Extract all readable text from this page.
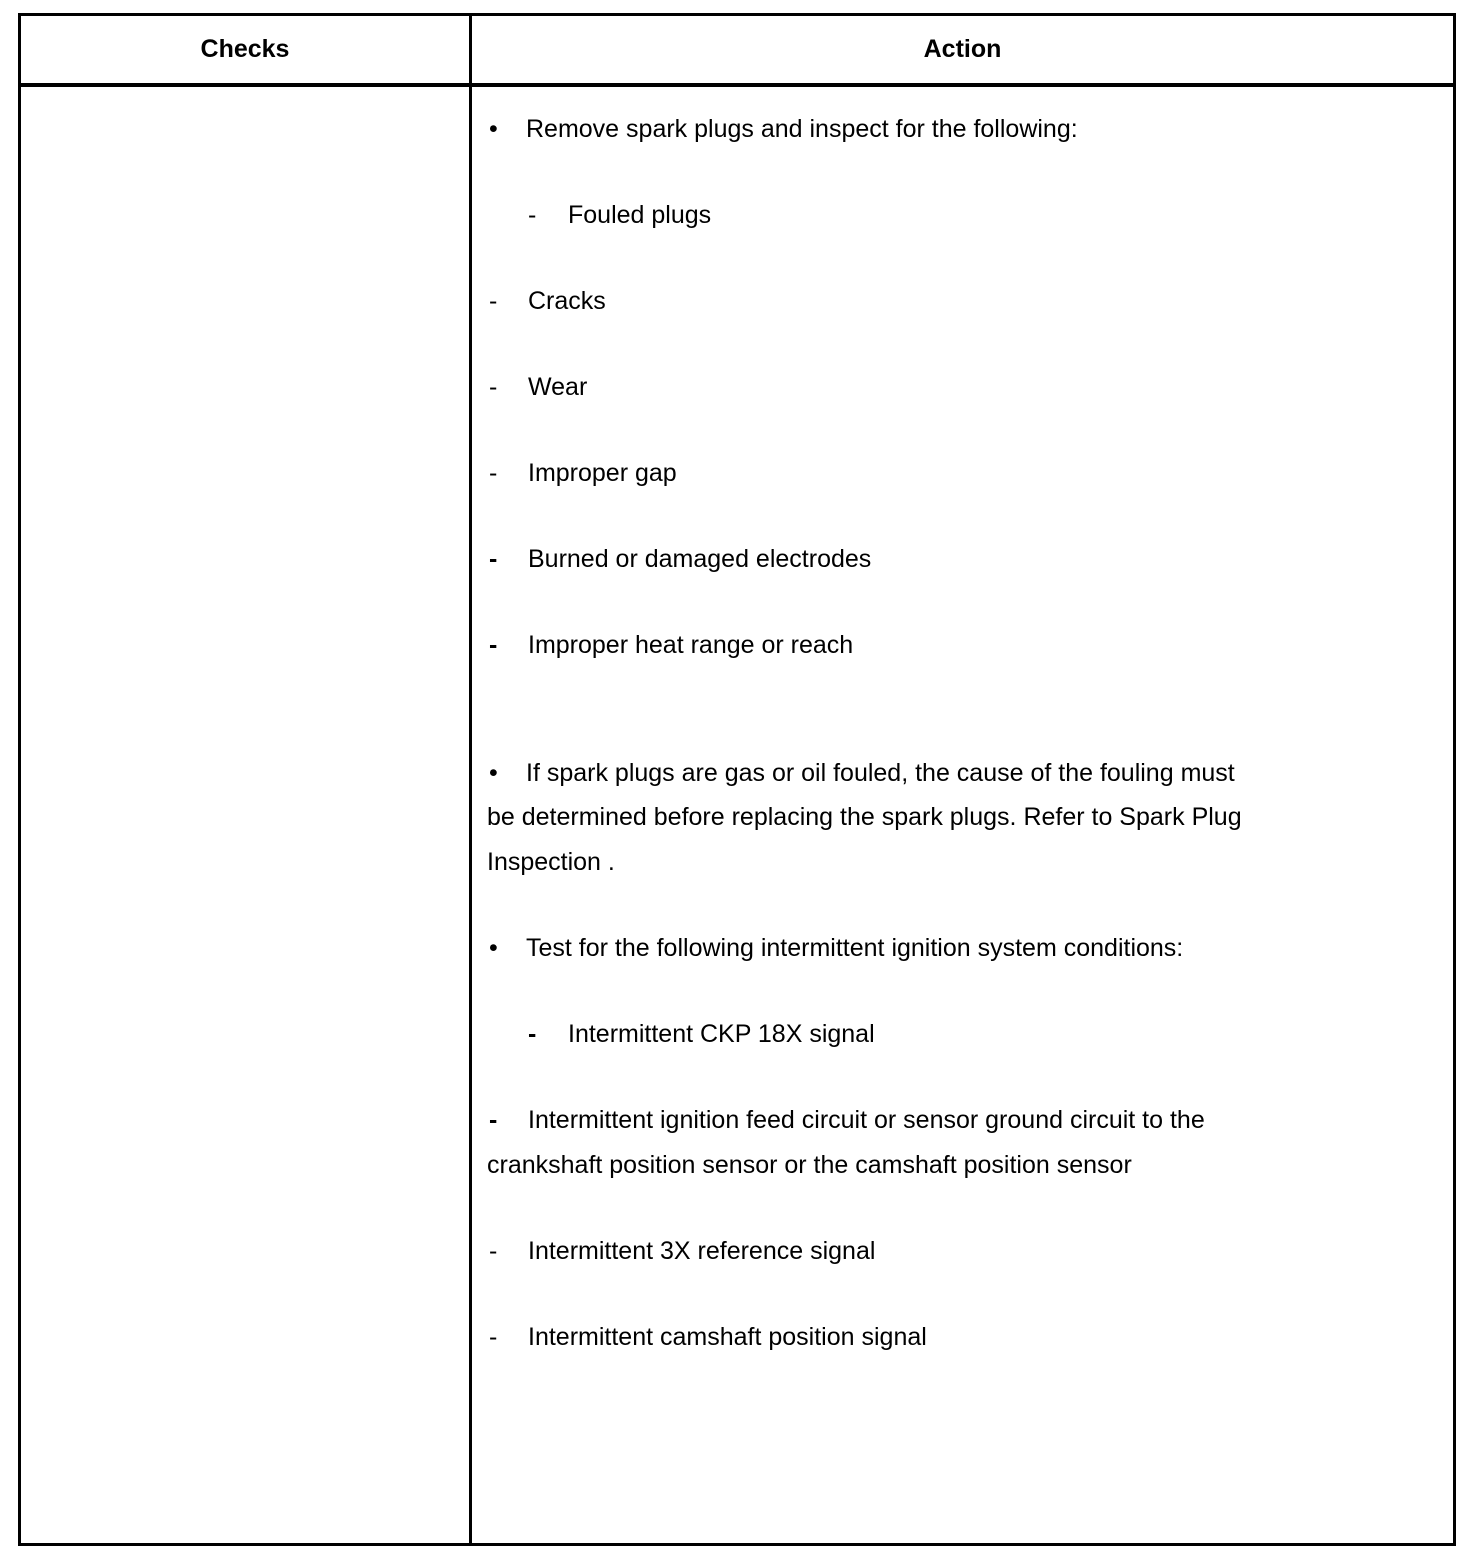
Checks	Action
• Remove spark plugs and inspect for the following:
- Fouled plugs
- Cracks
- Wear
- Improper gap
- Burned or damaged electrodes
- Improper heat range or reach
• If spark plugs are gas or oil fouled, the cause of the fouling must
be determined before replacing the spark plugs. Refer to Spark Plug
Inspection .
• Test for the following intermittent ignition system conditions:
- Intermittent CKP 18X signal
- Intermittent ignition feed circuit or sensor ground circuit to the
crankshaft position sensor or the camshaft position sensor
- Intermittent 3X reference signal
- Intermittent camshaft position signal
